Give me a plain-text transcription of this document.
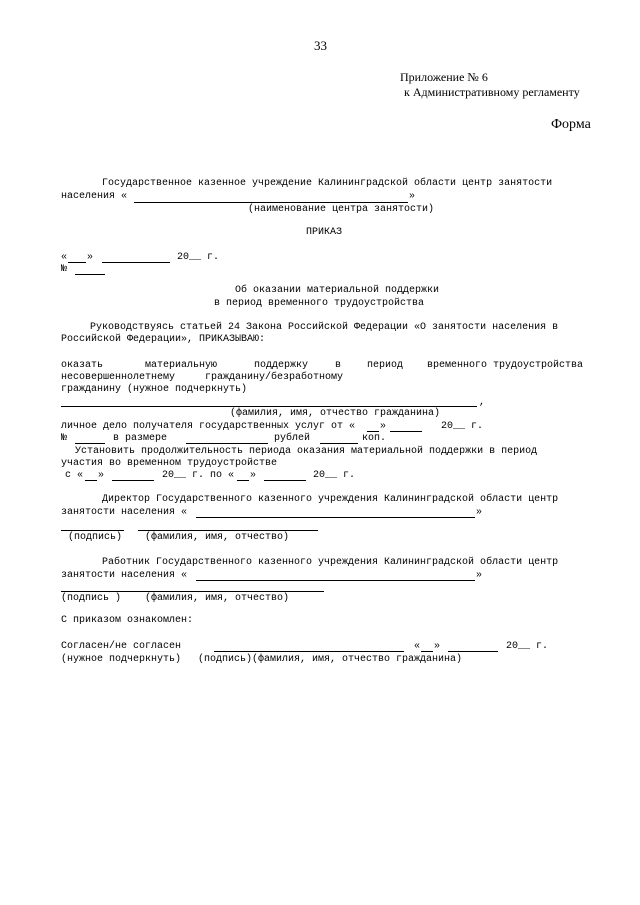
33
Приложение № 6
к Административному регламенту
Форма
Государственное казенное учреждение Калининградской области центр занятости
населения «	»
(наименование центра занятости)
ПРИКАЗ
« »	20__ г.
№
Об оказании материальной поддержки
в период временного трудоустройства
Руководствуясь статьей 24 Закона Российской Федерации «О занятости населения в
Российской Федерации», ПРИКАЗЫВАЮ:
оказать	материальную	поддержку	в	период временного трудоустройства
несовершеннолетнему     гражданину/безработному
гражданину (нужное подчеркнуть)
,
(фамилия, имя, отчество гражданина)
личное дело получателя государственных услуг от « »	20__ г.
№	в размере	рублей	коп.
Установить продолжительность периода оказания материальной поддержки в период
участия во временном трудоустройстве
с « »	20__ г. по « »	20__ г.
Директор Государственного казенного учреждения Калининградской области центр
занятости населения «	»
(подпись) (фамилия, имя, отчество)
Работник Государственного казенного учреждения Калининградской области центр
занятости населения «	»
(подпись ) (фамилия, имя, отчество)
С приказом ознакомлен:
Согласен/не согласен	« »	20__ г.
(нужное подчеркнуть) (подпись)(фамилия, имя, отчество гражданина)
